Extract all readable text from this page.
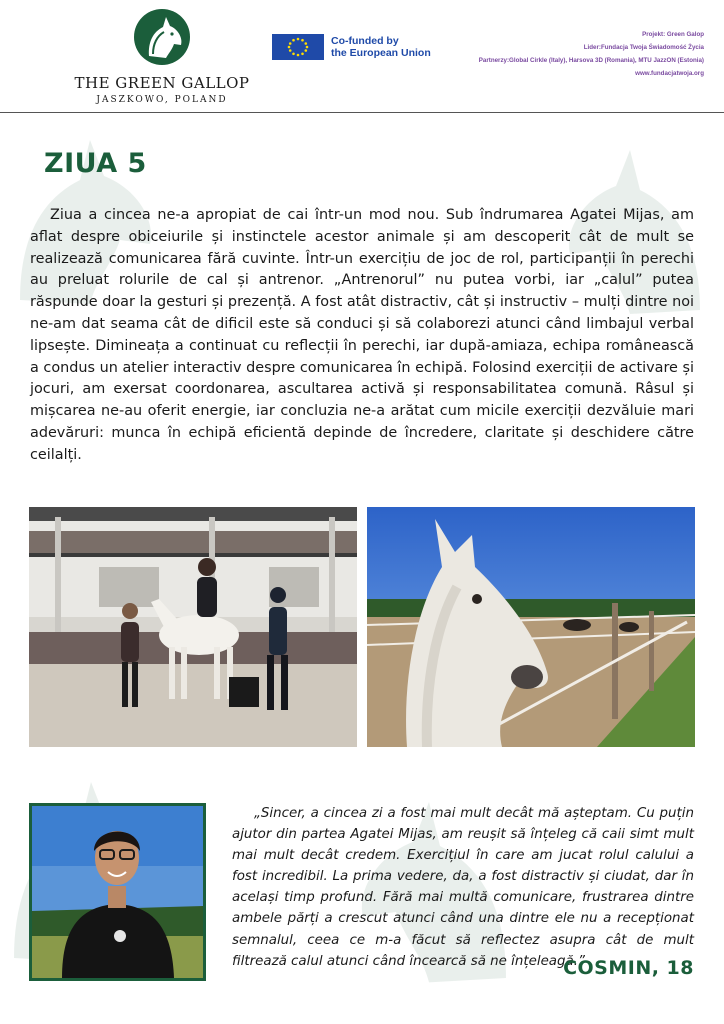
THE GREEN GALLOP
JASZKOWO, POLAND
Co-funded by
the European Union
Projekt: Green Galop
Lider:Fundacja Twoja Świadomość Życia
Partnerzy:Global Cirkle (Italy), Harsova 3D (Romania), MTU JazzON (Estonia)
www.fundacjatwoja.org
ZIUA 5
Ziua a cincea ne-a apropiat de cai într-un mod nou. Sub îndrumarea Agatei Mijas, am aflat despre obiceiurile și instinctele acestor animale și am descoperit cât de mult se realizează comunicarea fără cuvinte. Într-un exercițiu de joc de rol, participanții în perechi au preluat rolurile de cal și antrenor. „Antrenorul” nu putea vorbi, iar „calul” putea răspunde doar la gesturi și prezență. A fost atât distractiv, cât și instructiv – mulți dintre noi ne-am dat seama cât de dificil este să conduci și să colaborezi atunci când limbajul verbal lipsește. Dimineața a continuat cu reflecții în perechi, iar după-amiaza, echipa românească a condus un atelier interactiv despre comunicarea în echipă. Folosind exerciții de activare și jocuri, am exersat coordonarea, ascultarea activă și responsabilitatea comună. Râsul și mișcarea ne-au oferit energie, iar concluzia ne-a arătat cum micile exerciții dezvăluie mari adevăruri: munca în echipă eficientă depinde de încredere, claritate și deschidere către ceilalți.
„Sincer, a cincea zi a fost mai mult decât mă așteptam. Cu puțin ajutor din partea Agatei Mijas, am reușit să înțeleg că caii simt mult mai mult decât credem. Exercițiul în care am jucat rolul calului a fost incredibil. La prima vedere, da, a fost distractiv și ciudat, dar în același timp profund. Fără mai multă comunicare, frustrarea dintre ambele părți a crescut atunci când una dintre ele nu a recepționat semnalul, ceea ce m-a făcut să reflectez asupra cât de mult filtrează calul atunci când încearcă să ne înțeleagă.”
COSMIN, 18
